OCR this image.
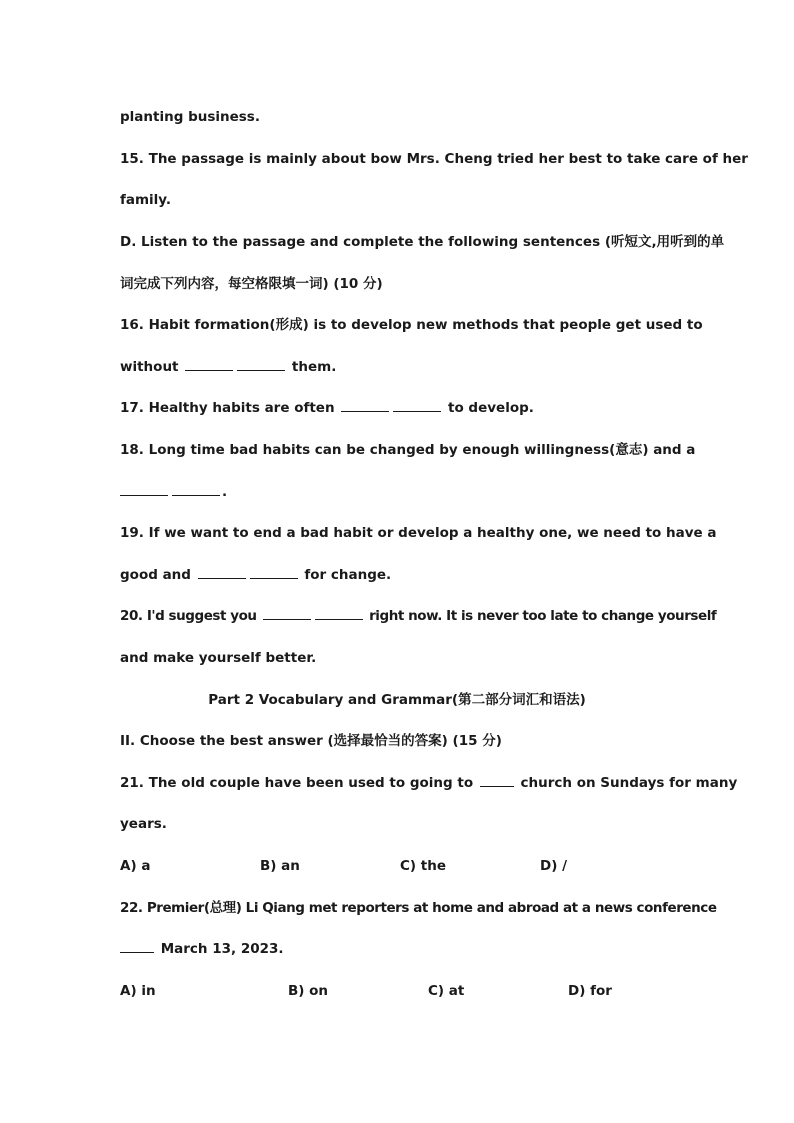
planting business.
15. The passage is mainly about bow Mrs. Cheng tried her best to take care of her
family.
D. Listen to the passage and complete the following sentences (听短文,用听到的单
词完成下列内容，每空格限填一词) (10 分)
16. Habit formation(形成) is to develop new methods that people get used to
without	them.
17. Healthy habits are often	to develop.
18. Long time bad habits can be changed by enough willingness(意志) and a
.
19. If we want to end a bad habit or develop a healthy one, we need to have a
good and	for change.
20. I'd suggest you	right now. It is never too late to change yourself
and make yourself better.
Part 2 Vocabulary and Grammar(第二部分词汇和语法)
II. Choose the best answer (选择最恰当的答案) (15 分)
21. The old couple have been used to going to	church on Sundays for many
years.
A) a	B) an	C) the	D) /
22. Premier(总理) Li Qiang met reporters at home and abroad at a news conference
March 13, 2023.
A) in	B) on	C) at	D) for
